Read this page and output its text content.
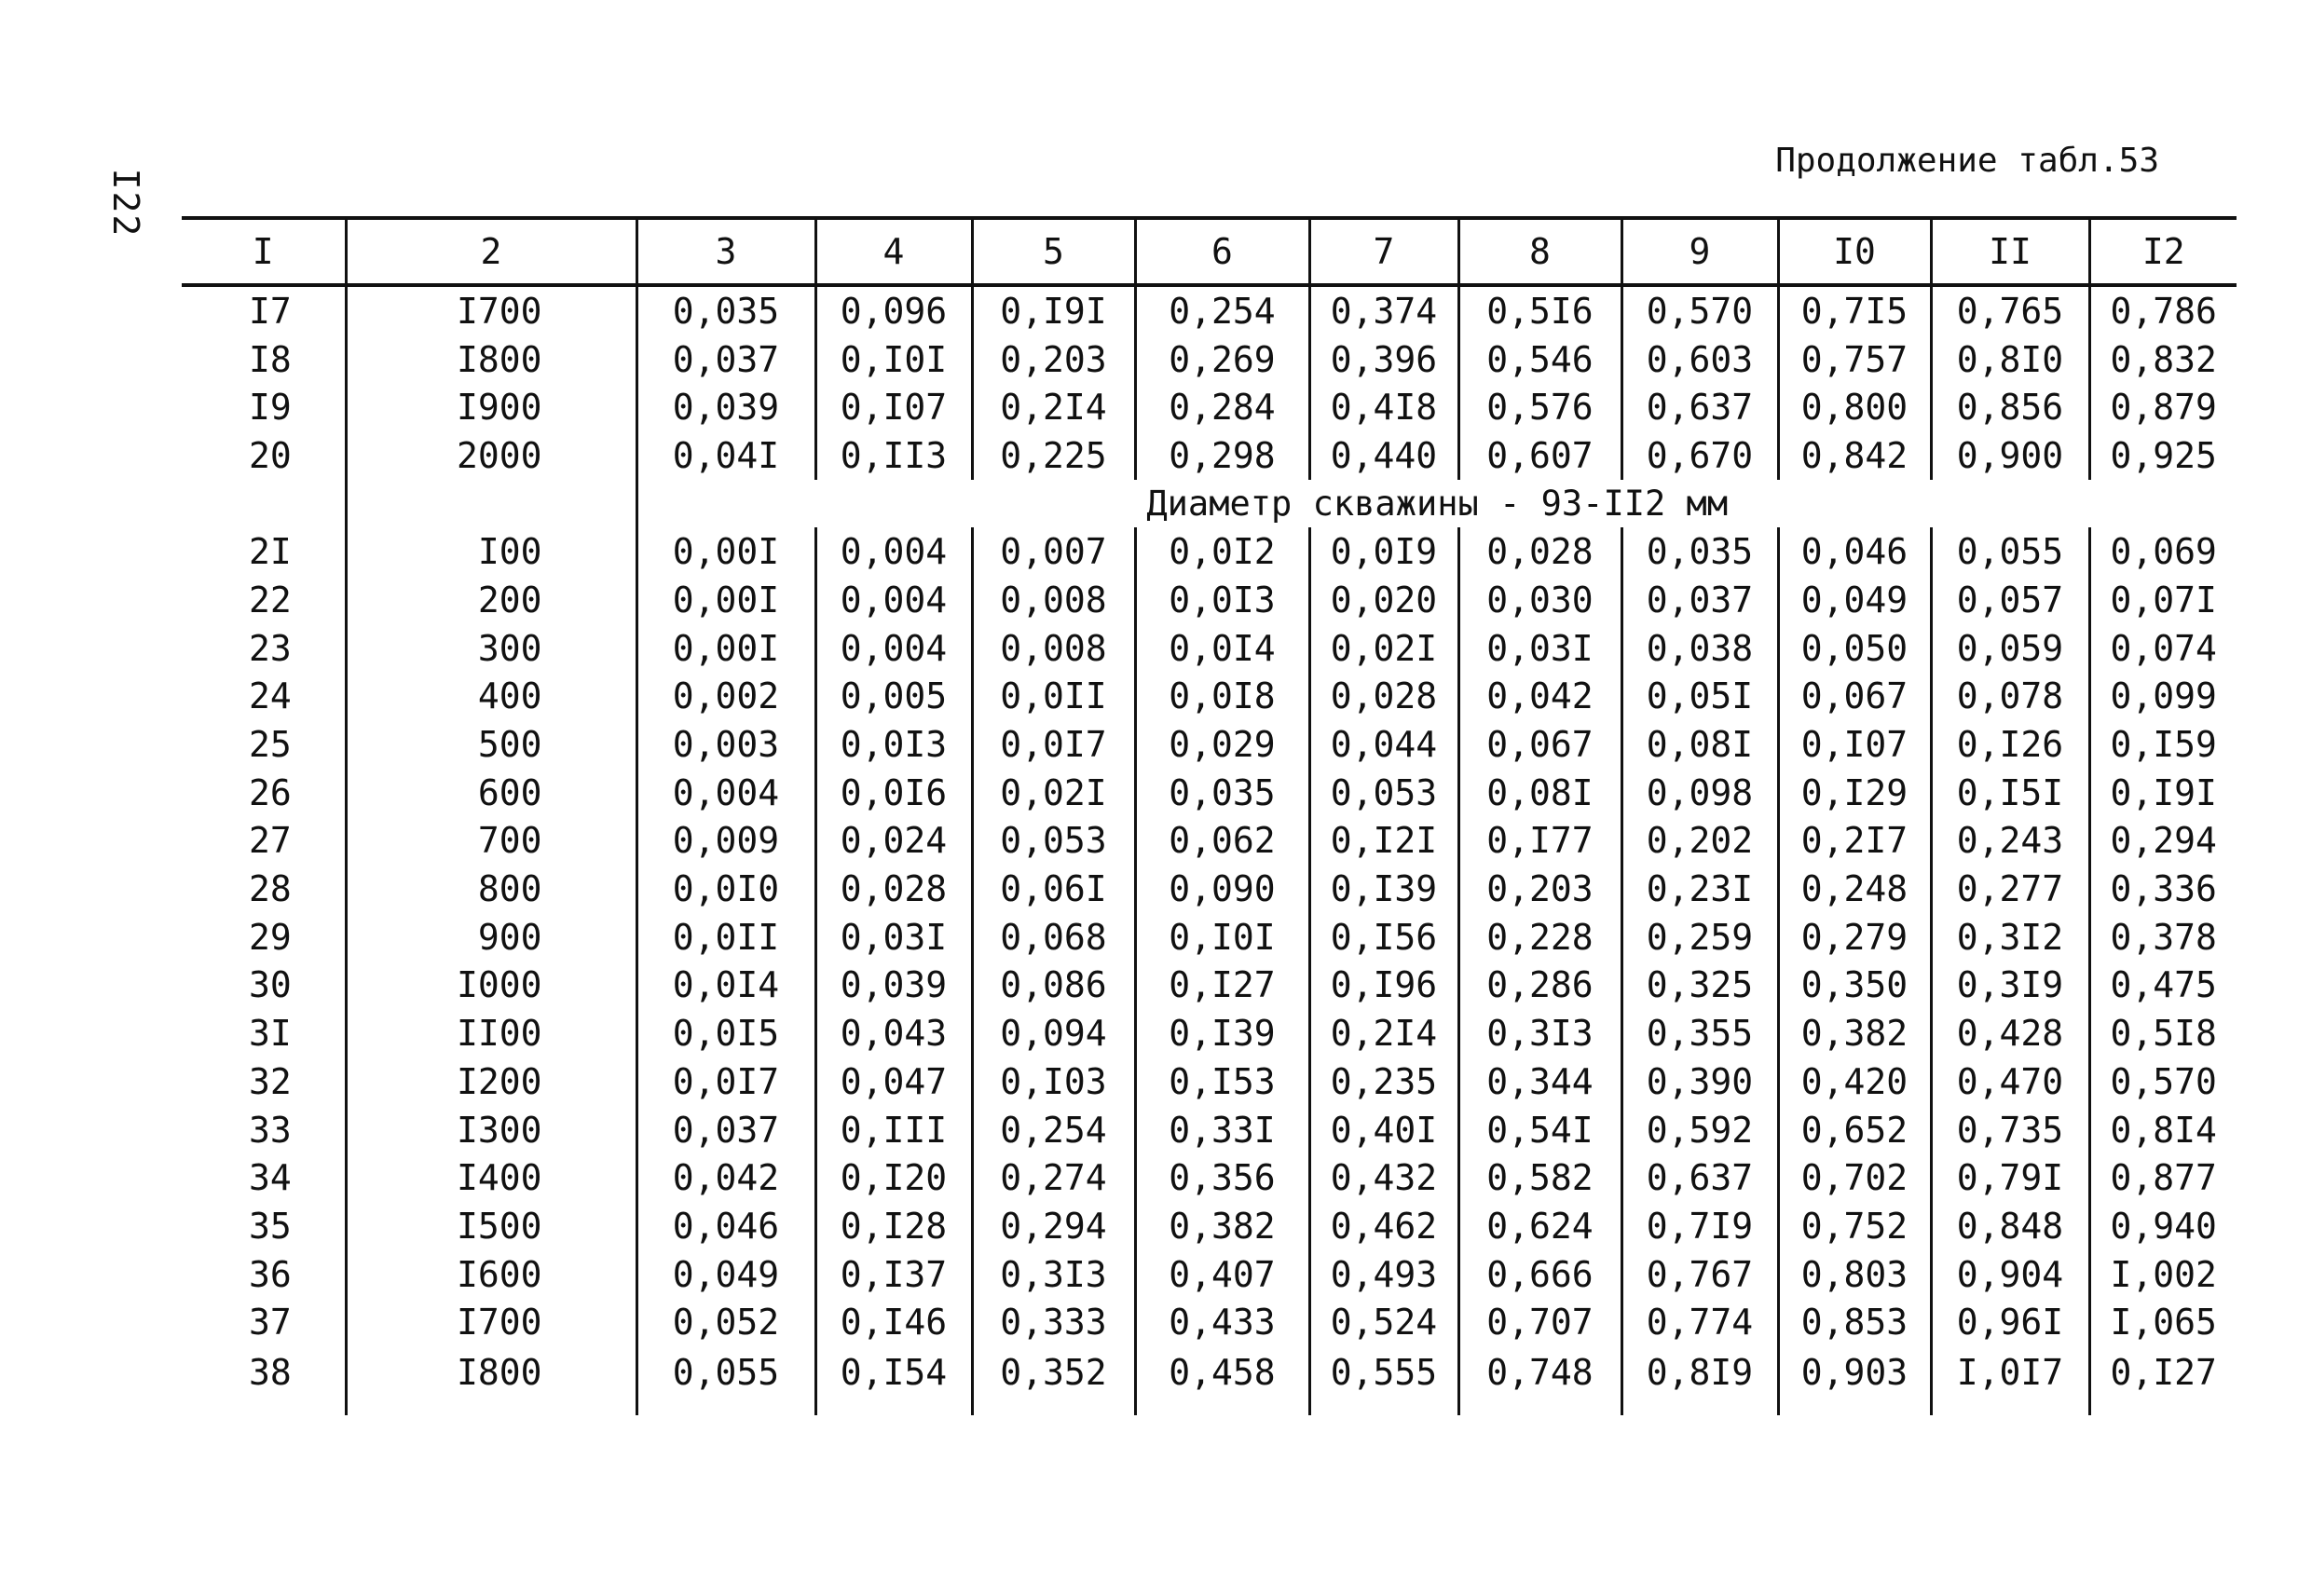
I22
Продолжение табл.53
I	2	3	4	5	6	7	8	9	I0	II	I2
I7	I700	0,035	0,096	0,I9I	0,254	0,374	0,5I6	0,570	0,7I5	0,765	0,786
I8	I800	0,037	0,I0I	0,203	0,269	0,396	0,546	0,603	0,757	0,8I0	0,832
I9	I900	0,039	0,I07	0,2I4	0,284	0,4I8	0,576	0,637	0,800	0,856	0,879
20	2000	0,04I	0,II3	0,225	0,298	0,440	0,607	0,670	0,842	0,900	0,925
		Диаметр скважины - 93-II2 мм									
2I	I00	0,00I	0,004	0,007	0,0I2	0,0I9	0,028	0,035	0,046	0,055	0,069
22	200	0,00I	0,004	0,008	0,0I3	0,020	0,030	0,037	0,049	0,057	0,07I
23	300	0,00I	0,004	0,008	0,0I4	0,02I	0,03I	0,038	0,050	0,059	0,074
24	400	0,002	0,005	0,0II	0,0I8	0,028	0,042	0,05I	0,067	0,078	0,099
25	500	0,003	0,0I3	0,0I7	0,029	0,044	0,067	0,08I	0,I07	0,I26	0,I59
26	600	0,004	0,0I6	0,02I	0,035	0,053	0,08I	0,098	0,I29	0,I5I	0,I9I
27	700	0,009	0,024	0,053	0,062	0,I2I	0,I77	0,202	0,2I7	0,243	0,294
28	800	0,0I0	0,028	0,06I	0,090	0,I39	0,203	0,23I	0,248	0,277	0,336
29	900	0,0II	0,03I	0,068	0,I0I	0,I56	0,228	0,259	0,279	0,3I2	0,378
30	I000	0,0I4	0,039	0,086	0,I27	0,I96	0,286	0,325	0,350	0,3I9	0,475
3I	II00	0,0I5	0,043	0,094	0,I39	0,2I4	0,3I3	0,355	0,382	0,428	0,5I8
32	I200	0,0I7	0,047	0,I03	0,I53	0,235	0,344	0,390	0,420	0,470	0,570
33	I300	0,037	0,III	0,254	0,33I	0,40I	0,54I	0,592	0,652	0,735	0,8I4
34	I400	0,042	0,I20	0,274	0,356	0,432	0,582	0,637	0,702	0,79I	0,877
35	I500	0,046	0,I28	0,294	0,382	0,462	0,624	0,7I9	0,752	0,848	0,940
36	I600	0,049	0,I37	0,3I3	0,407	0,493	0,666	0,767	0,803	0,904	I,002
37	I700	0,052	0,I46	0,333	0,433	0,524	0,707	0,774	0,853	0,96I	I,065
38	I800	0,055	0,I54	0,352	0,458	0,555	0,748	0,8I9	0,903	I,0I7	0,I27
